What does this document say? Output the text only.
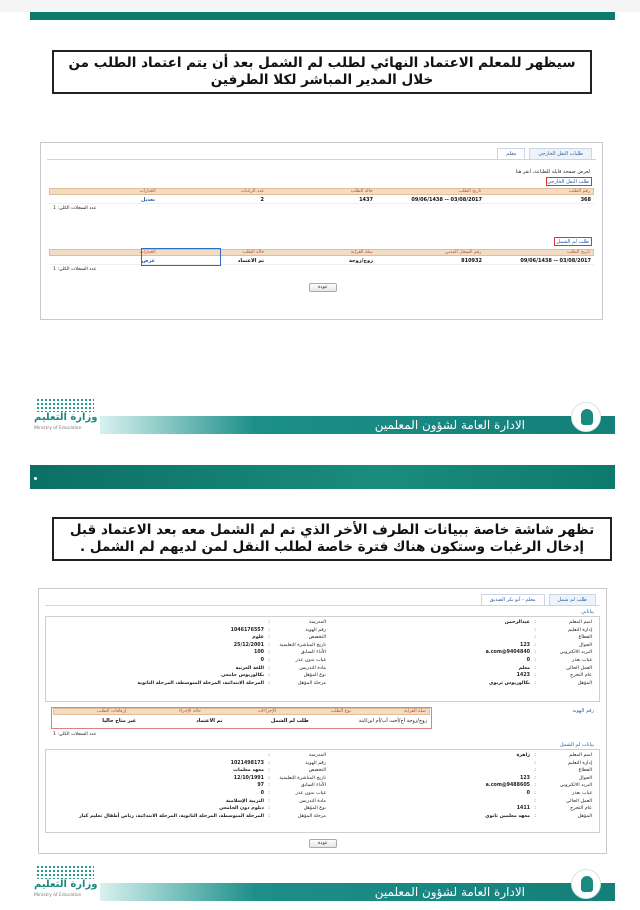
سيظهر للمعلم الاعتماد النهائي لطلب لم الشمل بعد أن يتم اعتماد الطلب من خلال المدير المباشر لكلا الطرفين
طلبات النقل الخارجي
معلم
لعرض صفحة قابلة للطباعة، انقر هنا
طلب النقل الخارجي
رقم الطلب
تاريخ الطلب
حالة الطلب
عدد الرغبات
الخيارات
368
03/08/2017 -- 09/06/1438
1437
2
تعديل
عدد السجلات الكلي: 1
طلب لم الشمل
تاريخ الطلب
رقم السجل المدني
صلة القرابة
حالة الطلب
الخيارات
03/08/2017 -- 09/06/1438
810932
زوج/زوجة
تم الاعتماد
عرض
عدد السجلات الكلي: 1
عودة
الادارة العامة لشؤون المعلمين
وزارة التعليم
Ministry of Education
تظهر شاشة خاصة ببيانات الطرف الأخر الذي تم لم الشمل معه بعد الاعتماد قبل إدخال الرغبات وستكون هناك فترة خاصة لطلب النقل لمن لديهم لم الشمل .
طلب لم شمل
معلم - أبو بكر الصديق
بياناتي
اسم المعلم
:
عبدالرحمن
إدارة التعليم
:
القطاع
:
الجوال
:
123
البريد الالكتروني
:
a.com@9404840
غياب بعذر
:
0
العمل الحالي
:
معلم
عام التخرج
:
1423
المؤهل
:
بكالوريوس تربوي
المدرسة
:
رقم الهوية
:
1046176557
التخصص
:
علوم
تاريخ المباشرة التعليمية
:
25/12/2001
الأداء السابق
:
100
غياب بدون عذر
:
0
مادة التدريس
:
اللغة العربية
نوع المؤهل
:
بكالوريوس جامعي
مرحلة المؤهل
:
المرحلة الابتدائية، المرحلة المتوسطة، المرحلة الثانوية
رقم الهوية
صلة القرابة
نوع الطلب
الإجراءات
حالة الإجراء
إرفاقات الطلب
زوج/زوجة أخ/أخت أب/أم ابن/ابنة
طلب لم الشمل
تم الاعتماد
غير متاح حاليا
عدد السجلات الكلي: 1
بيانات لم الشمل
اسم المعلم
:
زاهرة
إدارة التعليم
:
القطاع
:
الجوال
:
123
البريد الالكتروني
:
a.com@9488605
غياب بعذر
:
0
العمل الحالي
:
عام التخرج
:
1411
المؤهل
:
معهد معلمين ثانوي
المدرسة
:
رقم الهوية
:
1021498173
التخصص
:
معهد معلمات
تاريخ المباشرة التعليمية
:
12/10/1991
الأداء السابق
:
97
غياب بدون عذر
:
0
مادة التدريس
:
التربية الإسلامية
نوع المؤهل
:
دبلوم دون الجامعي
مرحلة المؤهل
:
المرحلة المتوسطة، المرحلة الثانوية، المرحلة الابتدائية، رياض أطفال تعليم كبار
عودة
الادارة العامة لشؤون المعلمين
وزارة التعليم
Ministry of Education
